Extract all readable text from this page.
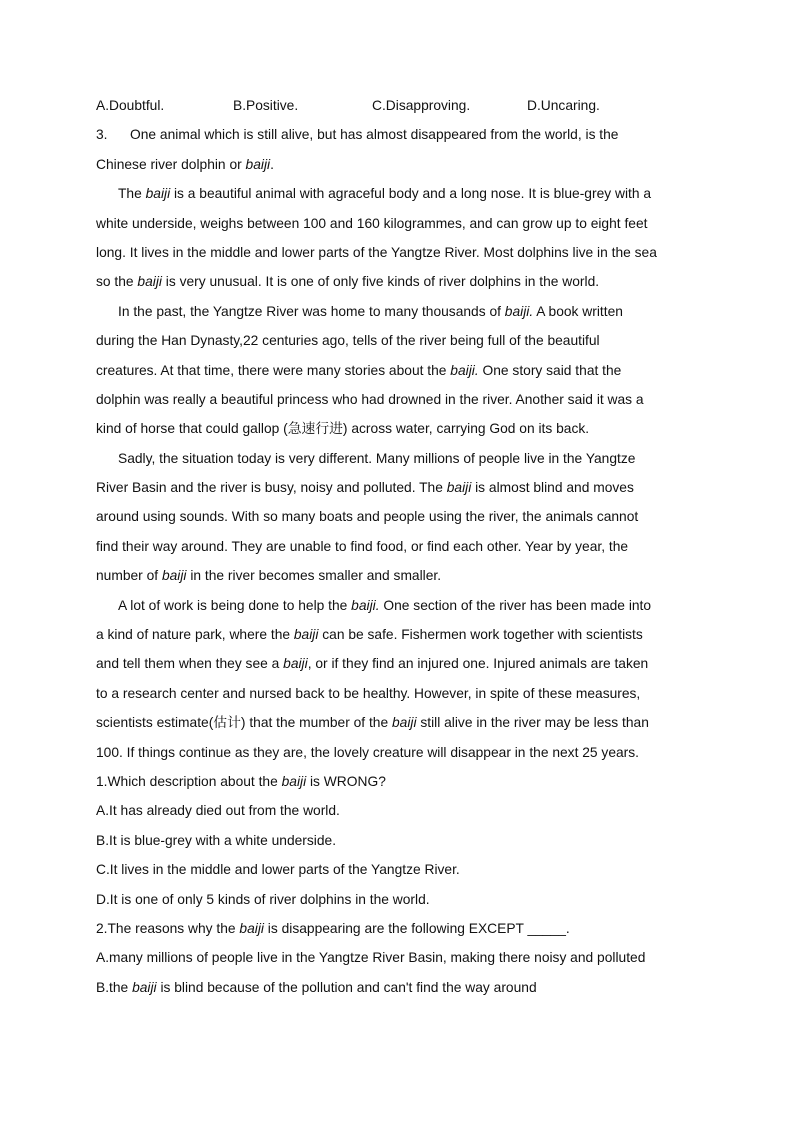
A.Doubtful.	B.Positive.	C.Disapproving.	D.Uncaring.
3. One animal which is still alive, but has almost disappeared from the world, is the
Chinese river dolphin or baiji.
The baiji is a beautiful animal with agraceful body and a long nose. It is blue-grey with a
white underside, weighs between 100 and 160 kilogrammes, and can grow up to eight feet
long. It lives in the middle and lower parts of the Yangtze River. Most dolphins live in the sea
so the baiji is very unusual. It is one of only five kinds of river dolphins in the world.
In the past, the Yangtze River was home to many thousands of baiji. A book written
during the Han Dynasty,22 centuries ago, tells of the river being full of the beautiful
creatures. At that time, there were many stories about the baiji. One story said that the
dolphin was really a beautiful princess who had drowned in the river. Another said it was a
kind of horse that could gallop (急速行进) across water, carrying God on its back.
Sadly, the situation today is very different. Many millions of people live in the Yangtze
River Basin and the river is busy, noisy and polluted. The baiji is almost blind and moves
around using sounds. With so many boats and people using the river, the animals cannot
find their way around. They are unable to find food, or find each other. Year by year, the
number of baiji in the river becomes smaller and smaller.
A lot of work is being done to help the baiji. One section of the river has been made into
a kind of nature park, where the baiji can be safe. Fishermen work together with scientists
and tell them when they see a baiji, or if they find an injured one. Injured animals are taken
to a research center and nursed back to be healthy. However, in spite of these measures,
scientists estimate(估计) that the mumber of the baiji still alive in the river may be less than
100. If things continue as they are, the lovely creature will disappear in the next 25 years.
1.Which description about the baiji is WRONG?
A.It has already died out from the world.
B.It is blue-grey with a white underside.
C.It lives in the middle and lower parts of the Yangtze River.
D.It is one of only 5 kinds of river dolphins in the world.
2.The reasons why the baiji is disappearing are the following EXCEPT _____.
A.many millions of people live in the Yangtze River Basin, making there noisy and polluted
B.the baiji is blind because of the pollution and can't find the way around
